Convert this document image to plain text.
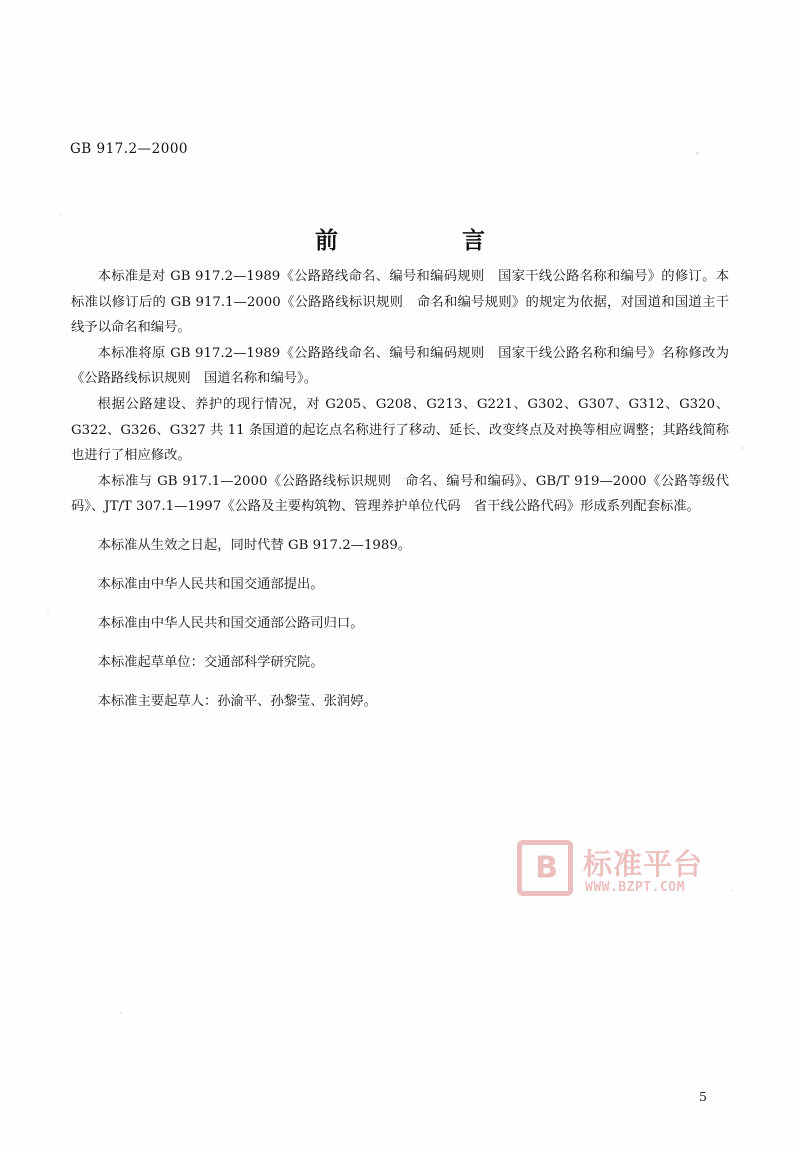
GB 917.2—2000
前　　言

本标准是对 GB 917.2—1989《公路路线命名、编号和编码规则　国家干线公路名称和编号》的修订。本标准以修订后的 GB 917.1—2000《公路路线标识规则　命名和编号规则》的规定为依据，对国道和国道主干线予以命名和编号。

本标准将原 GB 917.2—1989《公路路线命名、编号和编码规则　国家干线公路名称和编号》名称修改为《公路路线标识规则　国道名称和编号》。

根据公路建设、养护的现行情况，对 G205、G208、G213、G221、G302、G307、G312、G320、G322、G326、G327 共 11 条国道的起讫点名称进行了移动、延长、改变终点及对换等相应调整；其路线简称也进行了相应修改。

本标准与 GB 917.1—2000《公路路线标识规则　命名、编号和编码》、GB/T 919—2000《公路等级代码》、JT/T 307.1—1997《公路及主要构筑物、管理养护单位代码　省干线公路代码》形成系列配套标准。

本标准从生效之日起，同时代替 GB 917.2—1989。

本标准由中华人民共和国交通部提出。

本标准由中华人民共和国交通部公路司归口。

本标准起草单位：交通部科学研究院。

本标准主要起草人：孙渝平、孙黎莹、张润婷。

B 标准平台
WWW.BZPT.COM
5
